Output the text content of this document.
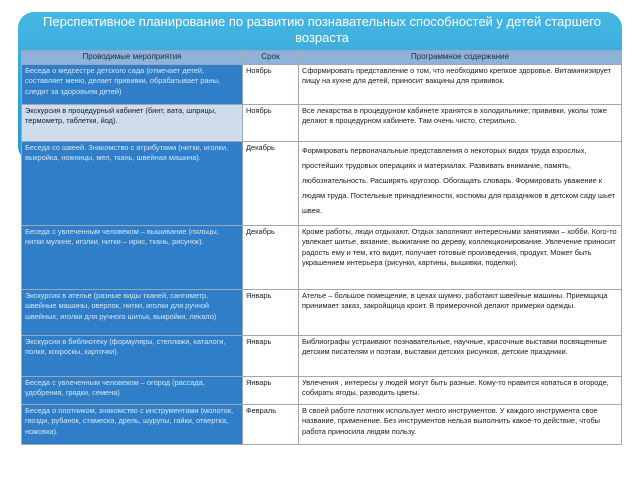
Перспективное планирование по развитию познавательных способностей у детей старшего возраста
Проводимые мероприятия	Срок	Программное содержание
Беседа о медсестре детского сада (отмечает детей, составляет меню, делает прививки, обрабатывает раны, следит за здоровьем детей)	Ноябрь	Сформировать представление о том, что необходимо крепкое здоровье. Витаминизирует пищу на кухне для детей, приносит вакцины для прививок.
Экскурсия в процедурный кабинет (бинт, вата, шприцы, термометр, таблетки, йод).	Ноябрь	Все лекарства в процедурном кабинете хранятся в холодильнике; прививки, уколы тоже делают в процедурном кабинете. Там очень чисто, стерильно.
Беседа со швеей. Знакомство с атрибутами (нитки, иголки, выкройка, ножницы, мел, ткань, швейная машина).	Декабрь	Формировать первоначальные представления о некоторых видах труда взрослых, простейших трудовых операциях и материалах. Развивать внимание, память, любознательность. Расширять кругозор. Обогащать словарь. Формировать уважение к людям труда. Постельные принадлежности, костюмы для праздников в детском саду шьет швея.
Беседа с увлеченным человеком – вышивание (пяльцы, нитки мулине, иголки, нитки – ирис, ткань, рисунок).	Декабрь	Кроме работы, люди отдыхают. Отдых заполняют интересными занятиями – хобби. Кого-то увлекает шитье, вязание, выжигание по дереву, коллекционирование. Увлечение приносит радость ему и тем, кто видит, получает готовые произведения, продукт. Может быть украшением интерьера (рисунки, картины, вышивки, поделки).
Экскурсия в ателье (разные виды тканей, сантиметр, швейные машины, оверлок, нитки, иголки для ручной швейных, иголки для ручного шитья, выкройки, лекало)	Январь	Ателье – большое помещение, в цехах шумно, работают швейные машины. Приемщица принимает заказ, закройщица кроит. В примерочной делают примерки одежды.
Экскурсия в библиотеку (формуляры, стеллажи, каталоги, полки, кохроскы, карточки).	Январь	Библиографы устраивают познавательные, научные, красочные выставки посвященные детским писателям и поэтам, выставки детских рисунков, детские праздники.
Беседа с увлеченным человеком – огород (рассада, удобрения, грядки, семена)	Январь	Увлечения , интересы у людей могут быть разные. Кому-то нравится копаться в огороде, собирать ягоды, разводить цветы.
Беседа о плотником, знакомство с инструментами (молоток, гвозди, рубанок, стамеска, дрель, шурупы, гайки, отвертка, ножовка).	Февраль	В своей работе плотник использует много инструментов. У каждого инструмента свое название, применение. Без инструментов нельзя выполнить какое-то действие, чтобы работа приносила людям пользу.
